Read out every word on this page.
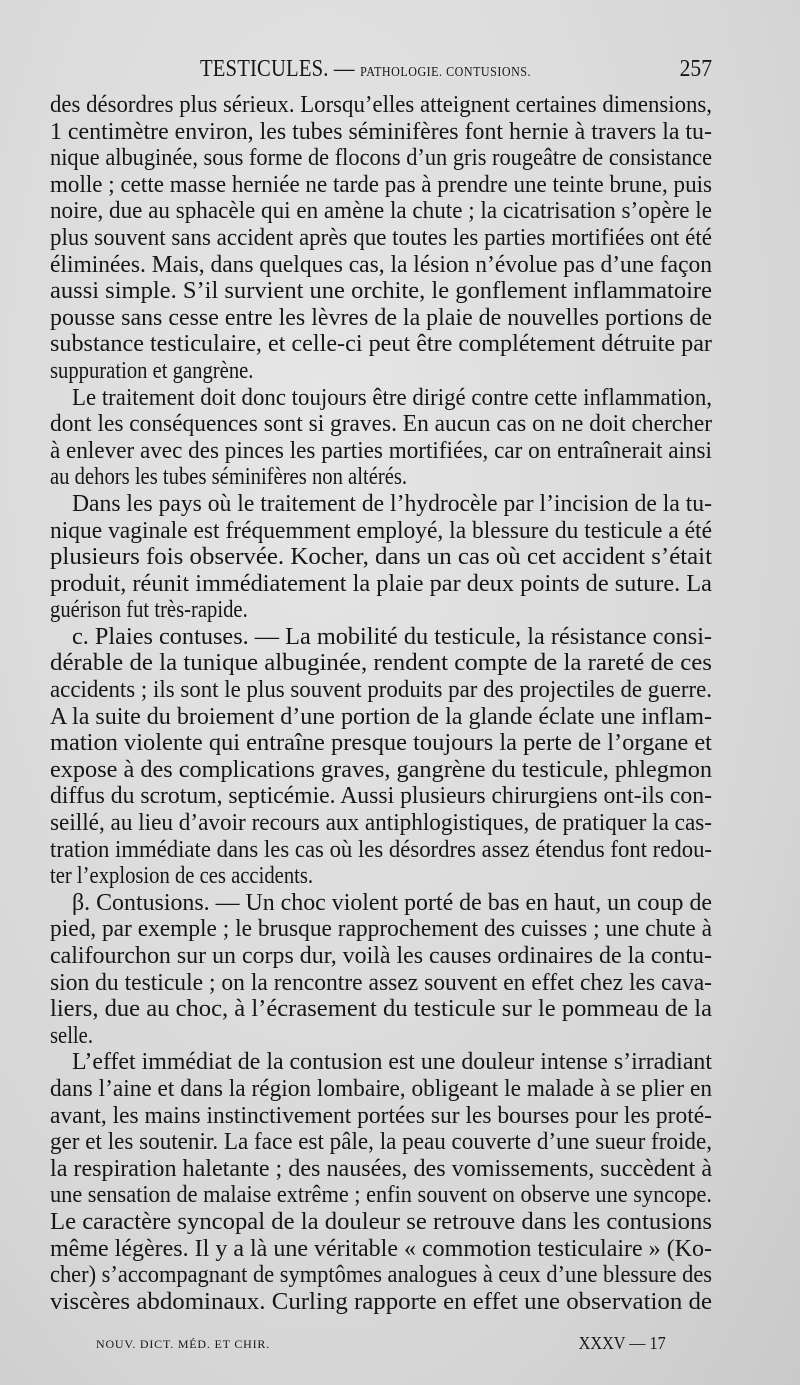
TESTICULES. — PATHOLOGIE. CONTUSIONS.	257
des désordres plus sérieux. Lorsqu’elles atteignent certaines dimensions,
1 centimètre environ, les tubes séminifères font hernie à travers la tu-
nique albuginée, sous forme de flocons d’un gris rougeâtre de consistance
molle ; cette masse herniée ne tarde pas à prendre une teinte brune, puis
noire, due au sphacèle qui en amène la chute ; la cicatrisation s’opère le
plus souvent sans accident après que toutes les parties mortifiées ont été
éliminées. Mais, dans quelques cas, la lésion n’évolue pas d’une façon
aussi simple. S’il survient une orchite, le gonflement inflammatoire
pousse sans cesse entre les lèvres de la plaie de nouvelles portions de
substance testiculaire, et celle-ci peut être complétement détruite par
suppuration et gangrène.
Le traitement doit donc toujours être dirigé contre cette inflammation,
dont les conséquences sont si graves. En aucun cas on ne doit chercher
à enlever avec des pinces les parties mortifiées, car on entraînerait ainsi
au dehors les tubes séminifères non altérés.
Dans les pays où le traitement de l’hydrocèle par l’incision de la tu-
nique vaginale est fréquemment employé, la blessure du testicule a été
plusieurs fois observée. Kocher, dans un cas où cet accident s’était
produit, réunit immédiatement la plaie par deux points de suture. La
guérison fut très-rapide.
c. Plaies contuses. — La mobilité du testicule, la résistance consi-
dérable de la tunique albuginée, rendent compte de la rareté de ces
accidents ; ils sont le plus souvent produits par des projectiles de guerre.
A la suite du broiement d’une portion de la glande éclate une inflam-
mation violente qui entraîne presque toujours la perte de l’organe et
expose à des complications graves, gangrène du testicule, phlegmon
diffus du scrotum, septicémie. Aussi plusieurs chirurgiens ont-ils con-
seillé, au lieu d’avoir recours aux antiphlogistiques, de pratiquer la cas-
tration immédiate dans les cas où les désordres assez étendus font redou-
ter l’explosion de ces accidents.
β. Contusions. — Un choc violent porté de bas en haut, un coup de
pied, par exemple ; le brusque rapprochement des cuisses ; une chute à
califourchon sur un corps dur, voilà les causes ordinaires de la contu-
sion du testicule ; on la rencontre assez souvent en effet chez les cava-
liers, due au choc, à l’écrasement du testicule sur le pommeau de la
selle.
L’effet immédiat de la contusion est une douleur intense s’irradiant
dans l’aine et dans la région lombaire, obligeant le malade à se plier en
avant, les mains instinctivement portées sur les bourses pour les proté-
ger et les soutenir. La face est pâle, la peau couverte d’une sueur froide,
la respiration haletante ; des nausées, des vomissements, succèdent à
une sensation de malaise extrême ; enfin souvent on observe une syncope.
Le caractère syncopal de la douleur se retrouve dans les contusions
même légères. Il y a là une véritable « commotion testiculaire » (Ko-
cher) s’accompagnant de symptômes analogues à ceux d’une blessure des
viscères abdominaux. Curling rapporte en effet une observation de
NOUV. DICT. MÉD. ET CHIR.	XXXV — 17
